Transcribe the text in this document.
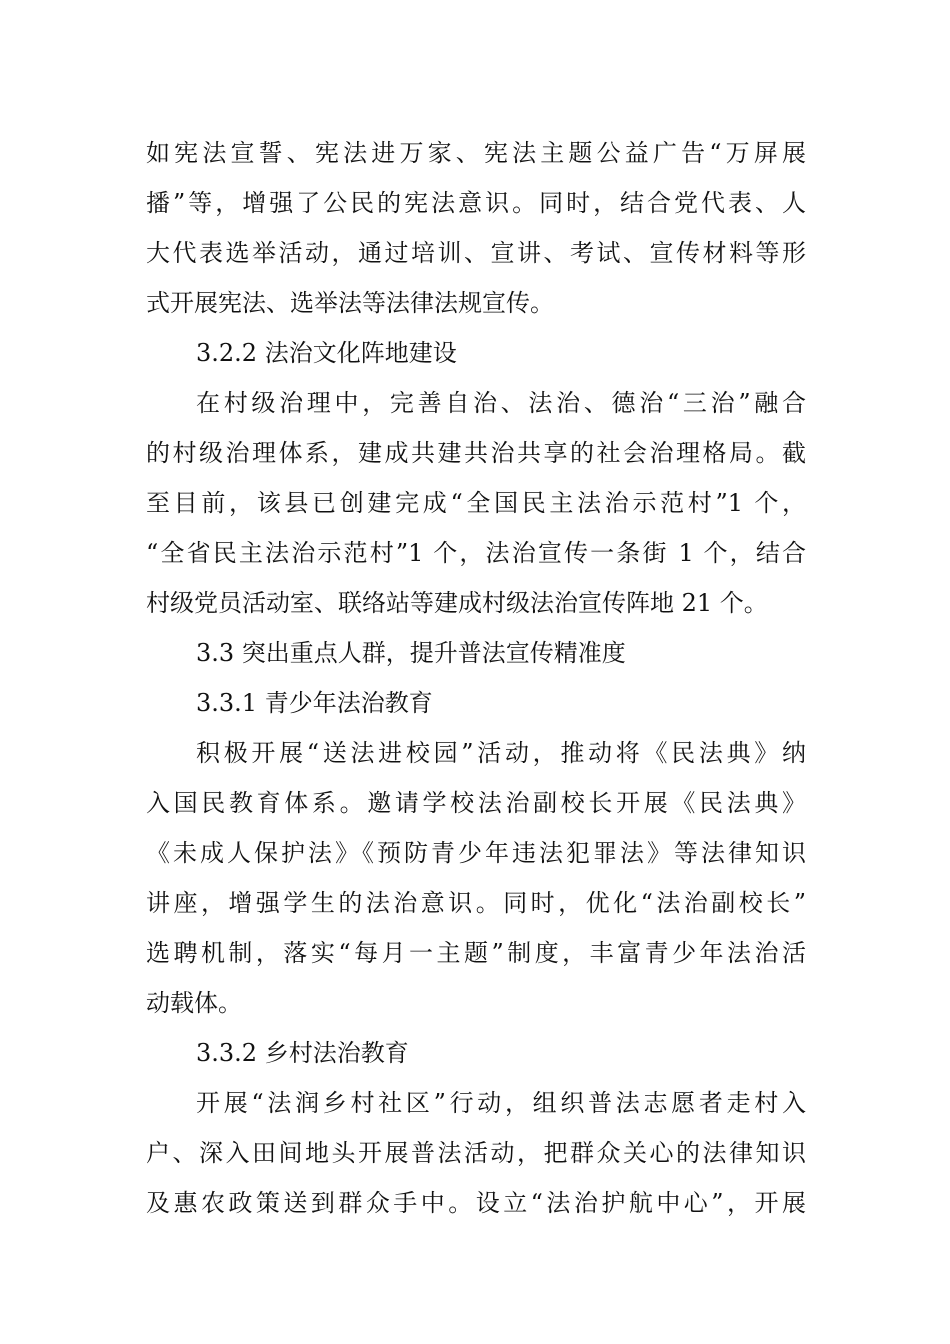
如宪法宣誓、宪法进万家、宪法主题公益广告“万屏展
播”等，增强了公民的宪法意识。同时，结合党代表、人
大代表选举活动，通过培训、宣讲、考试、宣传材料等形
式开展宪法、选举法等法律法规宣传。
3.2.2 法治文化阵地建设
在村级治理中，完善自治、法治、德治“三治”融合
的村级治理体系，建成共建共治共享的社会治理格局。截
至目前，该县已创建完成“全国民主法治示范村”1 个，
“全省民主法治示范村”1 个，法治宣传一条街 1 个，结合
村级党员活动室、联络站等建成村级法治宣传阵地 21 个。
3.3 突出重点人群，提升普法宣传精准度
3.3.1 青少年法治教育
积极开展“送法进校园”活动，推动将《民法典》纳
入国民教育体系。邀请学校法治副校长开展《民法典》
《未成人保护法》《预防青少年违法犯罪法》等法律知识
讲座，增强学生的法治意识。同时，优化“法治副校长”
选聘机制，落实“每月一主题”制度，丰富青少年法治活
动载体。
3.3.2 乡村法治教育
开展“法润乡村社区”行动，组织普法志愿者走村入
户、深入田间地头开展普法活动，把群众关心的法律知识
及惠农政策送到群众手中。设立“法治护航中心”，开展
